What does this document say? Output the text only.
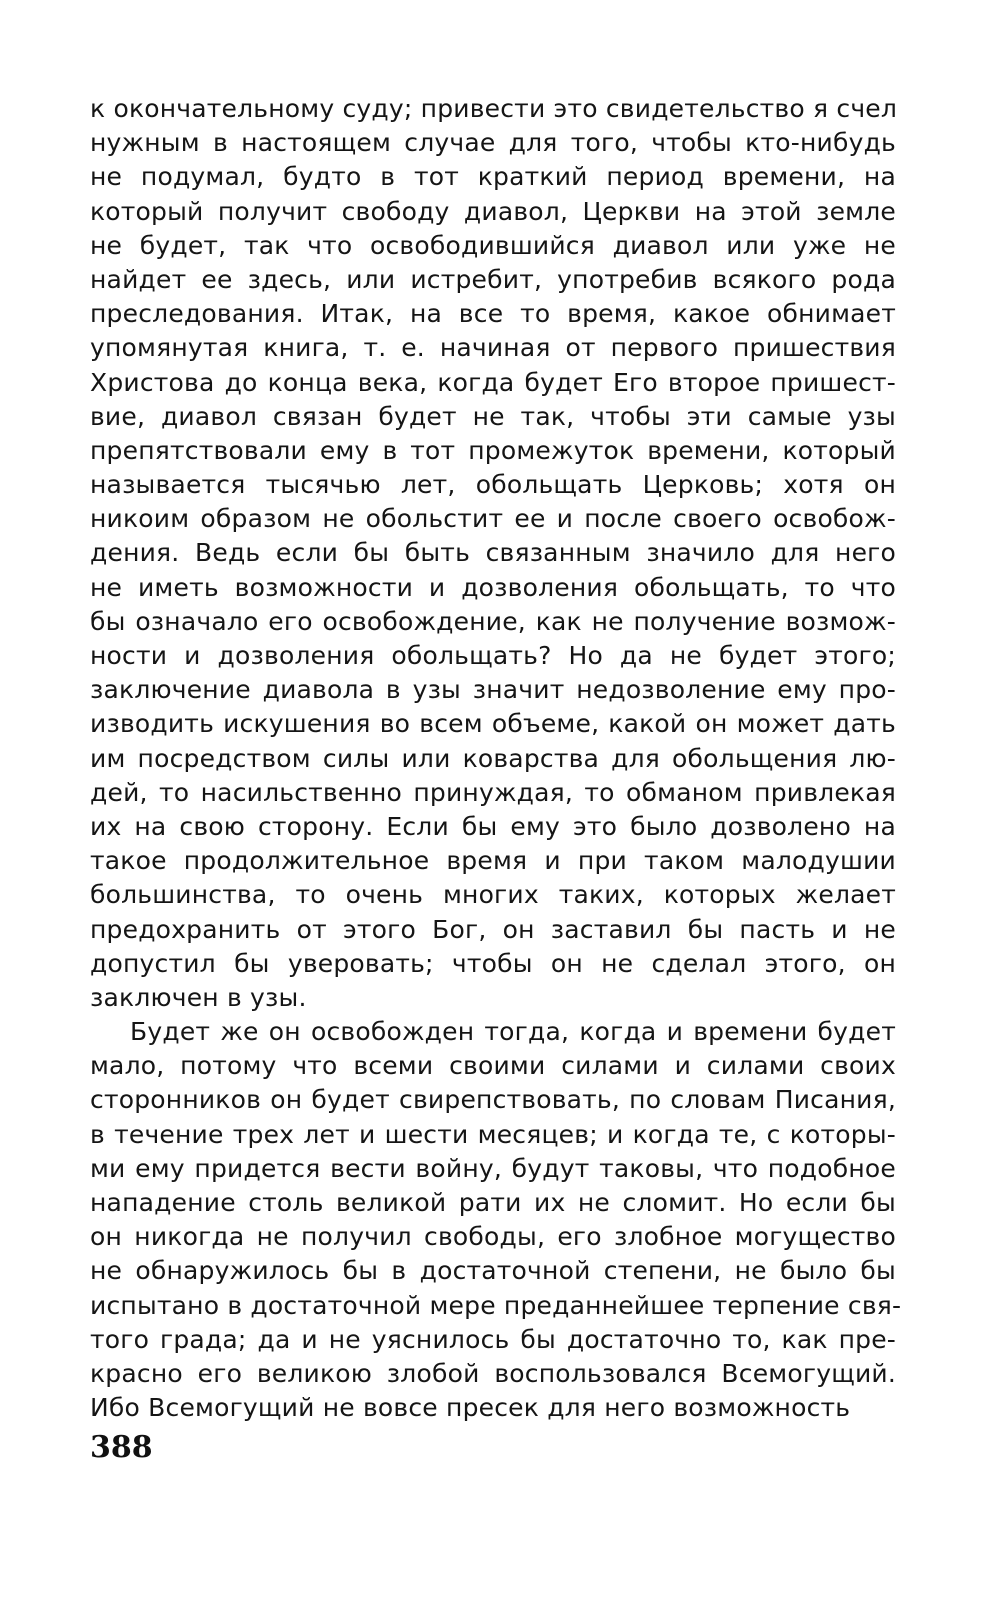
к окончательному суду; привести это свидетельство я счел
нужным в настоящем случае для того, чтобы кто-нибудь
не подумал, будто в тот краткий период времени, на
который получит свободу диавол, Церкви на этой земле
не будет, так что освободившийся диавол или уже не
найдет ее здесь, или истребит, употребив всякого рода
преследования. Итак, на все то время, какое обнимает
упомянутая книга, т. е. начиная от первого пришествия
Христова до конца века, когда будет Его второе пришест-
вие, диавол связан будет не так, чтобы эти самые узы
препятствовали ему в тот промежуток времени, который
называется тысячью лет, обольщать Церковь; хотя он
никоим образом не обольстит ее и после своего освобож-
дения. Ведь если бы быть связанным значило для него
не иметь возможности и дозволения обольщать, то что
бы означало его освобождение, как не получение возмож-
ности и дозволения обольщать? Но да не будет этого;
заключение диавола в узы значит недозволение ему про-
изводить искушения во всем объеме, какой он может дать
им посредством силы или коварства для обольщения лю-
дей, то насильственно принуждая, то обманом привлекая
их на свою сторону. Если бы ему это было дозволено на
такое продолжительное время и при таком малодушии
большинства, то очень многих таких, которых желает
предохранить от этого Бог, он заставил бы пасть и не
допустил бы уверовать; чтобы он не сделал этого, он
заключен в узы.
Будет же он освобожден тогда, когда и времени будет
мало, потому что всеми своими силами и силами своих
сторонников он будет свирепствовать, по словам Писания,
в течение трех лет и шести месяцев; и когда те, с которы-
ми ему придется вести войну, будут таковы, что подобное
нападение столь великой рати их не сломит. Но если бы
он никогда не получил свободы, его злобное могущество
не обнаружилось бы в достаточной степени, не было бы
испытано в достаточной мере преданнейшее терпение свя-
того града; да и не уяснилось бы достаточно то, как пре-
красно его великою злобой воспользовался Всемогущий.
Ибо Всемогущий не вовсе пресек для него возможность
388
